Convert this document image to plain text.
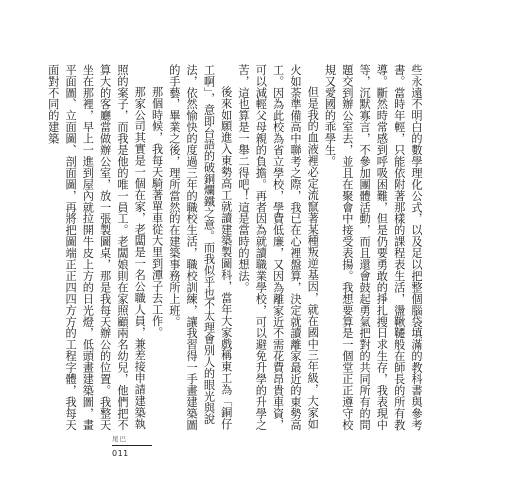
些永遠不明白的數學理化公式，以及足以把整個腦袋填滿的教科書與參考書。當時年輕，只能依附著那樣的課程表生活，盪鞦韆般在師長的所有教導。斷然時常感到呼吸困難，但是仍要勇敢的掙扎搜日求生存，我表現中等，沉默寡言，不參加團體活動，而且還會鼓起勇氣把對的共同所有的問題交到辦公室去，並且在聚會中接受表揚。我想要算是一個堂正正遵守校規又愛國的乖學生。

但是我的血液裡必定流竄著某種叛逆基因，就在國中三年級，大家如火如荼準備高中聯考之際，我已在心裡盤算，決定就讀離家最近的東勢高工。因為此校為省立學校，學費低廉，又因為離家近不需花費昂貴車資，可以減輕父母親的負擔。再者因為就讀職業學校，可以避免升學的升學之苦，這也算是一舉二得吧！這是當時的想法。

後來如願進入東勢高工就讀建築製圖科，當年大家戲稱東工為「銅仔工啊」，意即台語的破銅爛鐵之意。而我似乎也不太理會別人的眼光與說法，依然愉快的度過三年的職校生活，職校訓練，讓我習得一手畫建築圖的手藝，畢業之後，理所當然的在建築事務所上班。

那個時候，我每天騎著單車從大里到潭子去工作。

那家公司其實是一個在家，老闆是一名公職人員，兼差接申請建築執照的案子，而我是他的唯一員工。老闆娘則在家照顧兩名幼兒，他們把不算大的客廳當做辦公室，放一張製圖桌，那是我每天辦公的位置。我整天坐在那裡，早上一進到屋內就拉開牛皮上方的日光燈，低頭畫建築圖，畫平面圖、立面圖、剖面圖，再將把圖端正正四四方方的工程字體，我每天面對不同的建築

尾巴
011
